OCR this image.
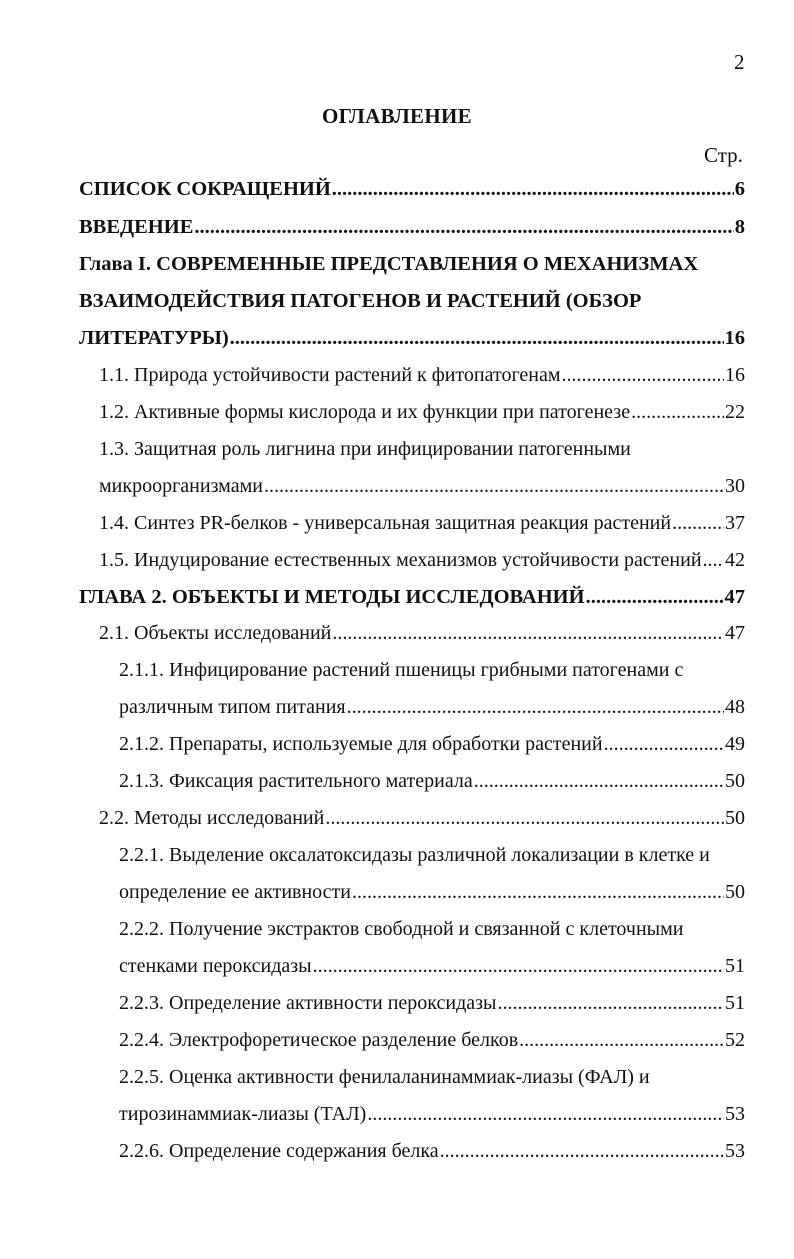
2
ОГЛАВЛЕНИЕ
Стр.
СПИСОК СОКРАЩЕНИЙ .....	6
ВВЕДЕНИЕ .....	8
Глава I. СОВРЕМЕННЫЕ ПРЕДСТАВЛЕНИЯ О МЕХАНИЗМАХ
ВЗАИМОДЕЙСТВИЯ ПАТОГЕНОВ И РАСТЕНИЙ (ОБЗОР
ЛИТЕРАТУРЫ) .....	16
1.1. Природа устойчивости растений к фитопатогенам .....	16
1.2. Активные формы кислорода и их функции при патогенезе .....	22
1.3. Защитная роль лигнина при инфицировании патогенными
микроорганизмами .....	30
1.4. Синтез PR-белков - универсальная защитная реакция растений .....	37
1.5. Индуцирование естественных механизмов устойчивости растений ..... 42
ГЛАВА 2. ОБЪЕКТЫ И МЕТОДЫ ИССЛЕДОВАНИЙ .....	47
2.1. Объекты исследований .....	47
2.1.1. Инфицирование растений пшеницы грибными патогенами с
различным типом питания .....	48
2.1.2. Препараты, используемые для обработки растений .....	49
2.1.3. Фиксация растительного материала .....	50
2.2. Методы исследований .....	50
2.2.1. Выделение оксалатоксидазы различной локализации в клетке и
определение ее активности .....	50
2.2.2. Получение экстрактов свободной и связанной с клеточными
стенками пероксидазы .....	51
2.2.3. Определение активности пероксидазы .....	51
2.2.4. Электрофоретическое разделение белков .....	52
2.2.5. Оценка активности фенилаланинаммиак-лиазы (ФАЛ) и
тирозинаммиак-лиазы (ТАЛ) .....	53
2.2.6. Определение содержания белка .....	53
